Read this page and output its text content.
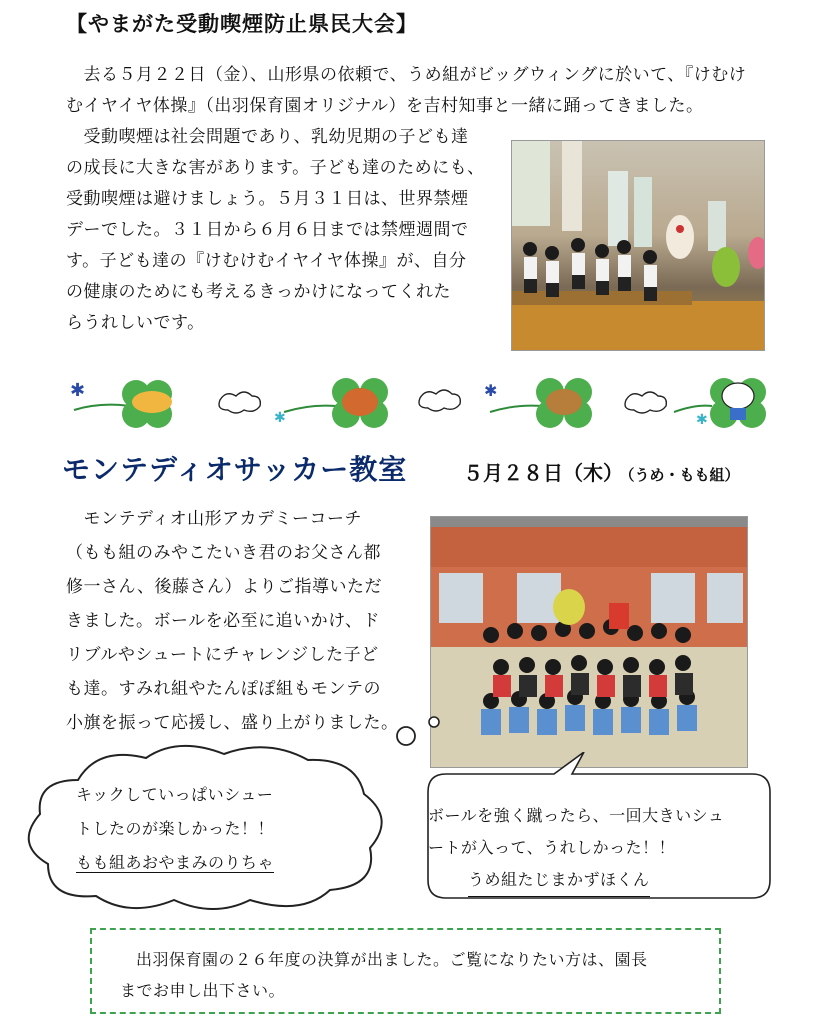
【やまがた受動喫煙防止県民大会】
　去る５月２２日（金）、山形県の依頼で、うめ組がビッグウィングに於いて、『けむけ
むイヤイヤ体操』（出羽保育園オリジナル）を吉村知事と一緒に踊ってきました。
　受動喫煙は社会問題であり、乳幼児期の子ども達
の成長に大きな害があります。子ども達のためにも、
受動喫煙は避けましょう。５月３１日は、世界禁煙
デーでした。３１日から６月６日までは禁煙週間で
す。子ども達の『けむけむイヤイヤ体操』が、自分
の健康のためにも考えるきっかけになってくれた
らうれしいです。
✱
✱
✱
✱
モンテディオサッカー教室	５月２８日（木） （うめ・もも組）
　モンテディオ山形アカデミーコーチ
（もも組のみやこたいき君のお父さん都
修一さん、後藤さん）よりご指導いただ
きました。ボールを必至に追いかけ、ド
リブルやシュートにチャレンジした子ど
も達。すみれ組やたんぽぽ組もモンテの
小旗を振って応援し、盛り上がりました。
キックしていっぱいシュー
トしたのが楽しかった！！
もも組あおやまみのりちゃ
ボールを強く蹴ったら、一回大きいシュ
ートが入って、うれしかった！！
うめ組たじまかずほくん
出羽保育園の２６年度の決算が出ました。ご覧になりたい方は、園長
までお申し出下さい。
